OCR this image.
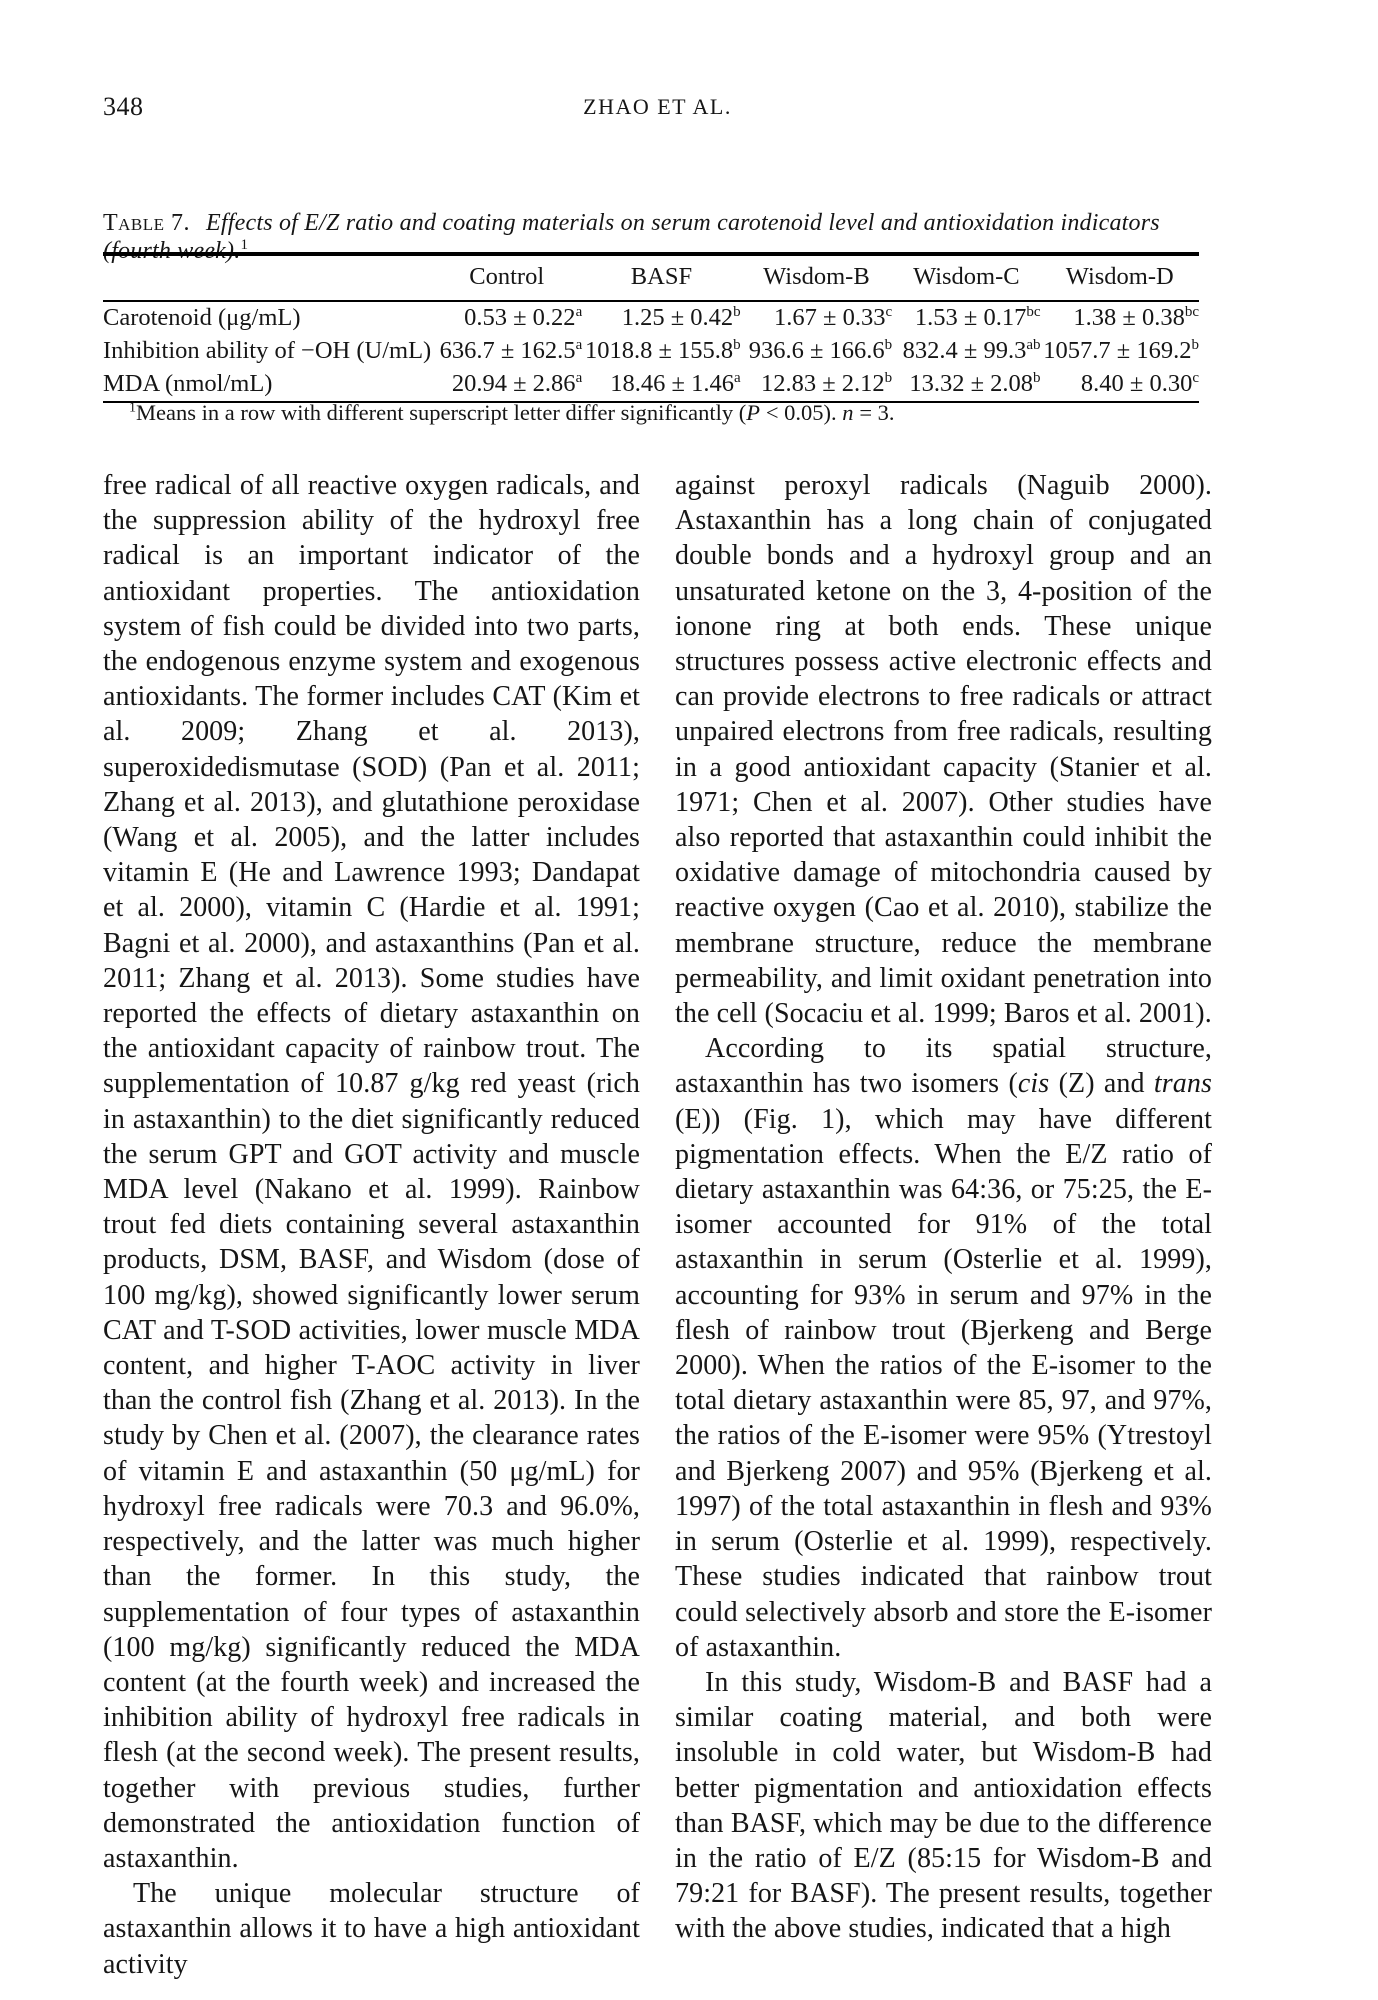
348	ZHAO ET AL.
Table 7. Effects of E/Z ratio and coating materials on serum carotenoid level and antioxidation indicators (fourth week).$^1$
	Control	BASF	Wisdom-B	Wisdom-C	Wisdom-D
Carotenoid (μg/mL)	0.53 ± 0.22$^a$	1.25 ± 0.42$^b$	1.67 ± 0.33$^c$	1.53 ± 0.17$^{bc}$	1.38 ± 0.38$^{bc}$
Inhibition ability of −OH (U/mL)	636.7 ± 162.5$^a$	1018.8 ± 155.8$^b$	936.6 ± 166.6$^b$	832.4 ± 99.3$^{ab}$	1057.7 ± 169.2$^b$
MDA (nmol/mL)	20.94 ± 2.86$^a$	18.46 ± 1.46$^a$	12.83 ± 2.12$^b$	13.32 ± 2.08$^b$	8.40 ± 0.30$^c$
$^1$Means in a row with different superscript letter differ significantly (P < 0.05). n = 3.

free radical of all reactive oxygen radicals, and the suppression ability of the hydroxyl free radical is an important indicator of the antioxidant properties. The antioxidation system of fish could be divided into two parts, the endogenous enzyme system and exogenous antioxidants. The former includes CAT (Kim et al. 2009; Zhang et al. 2013), superoxidedismutase (SOD) (Pan et al. 2011; Zhang et al. 2013), and glutathione peroxidase (Wang et al. 2005), and the latter includes vitamin E (He and Lawrence 1993; Dandapat et al. 2000), vitamin C (Hardie et al. 1991; Bagni et al. 2000), and astaxanthins (Pan et al. 2011; Zhang et al. 2013). Some studies have reported the effects of dietary astaxanthin on the antioxidant capacity of rainbow trout. The supplementation of 10.87 g/kg red yeast (rich in astaxanthin) to the diet significantly reduced the serum GPT and GOT activity and muscle MDA level (Nakano et al. 1999). Rainbow trout fed diets containing several astaxanthin products, DSM, BASF, and Wisdom (dose of 100 mg/kg), showed significantly lower serum CAT and T-SOD activities, lower muscle MDA content, and higher T-AOC activity in liver than the control fish (Zhang et al. 2013). In the study by Chen et al. (2007), the clearance rates of vitamin E and astaxanthin (50 μg/mL) for hydroxyl free radicals were 70.3 and 96.0%, respectively, and the latter was much higher than the former. In this study, the supplementation of four types of astaxanthin (100 mg/kg) significantly reduced the MDA content (at the fourth week) and increased the inhibition ability of hydroxyl free radicals in flesh (at the second week). The present results, together with previous studies, further demonstrated the antioxidation function of astaxanthin.

The unique molecular structure of astaxanthin allows it to have a high antioxidant activity

against peroxyl radicals (Naguib 2000). Astaxanthin has a long chain of conjugated double bonds and a hydroxyl group and an unsaturated ketone on the 3, 4-position of the ionone ring at both ends. These unique structures possess active electronic effects and can provide electrons to free radicals or attract unpaired electrons from free radicals, resulting in a good antioxidant capacity (Stanier et al. 1971; Chen et al. 2007). Other studies have also reported that astaxanthin could inhibit the oxidative damage of mitochondria caused by reactive oxygen (Cao et al. 2010), stabilize the membrane structure, reduce the membrane permeability, and limit oxidant penetration into the cell (Socaciu et al. 1999; Baros et al. 2001).

According to its spatial structure, astaxanthin has two isomers (cis (Z) and trans (E)) (Fig. 1), which may have different pigmentation effects. When the E/Z ratio of dietary astaxanthin was 64:36, or 75:25, the E-isomer accounted for 91% of the total astaxanthin in serum (Osterlie et al. 1999), accounting for 93% in serum and 97% in the flesh of rainbow trout (Bjerkeng and Berge 2000). When the ratios of the E-isomer to the total dietary astaxanthin were 85, 97, and 97%, the ratios of the E-isomer were 95% (Ytrestoyl and Bjerkeng 2007) and 95% (Bjerkeng et al. 1997) of the total astaxanthin in flesh and 93% in serum (Osterlie et al. 1999), respectively. These studies indicated that rainbow trout could selectively absorb and store the E-isomer of astaxanthin.

In this study, Wisdom-B and BASF had a similar coating material, and both were insoluble in cold water, but Wisdom-B had better pigmentation and antioxidation effects than BASF, which may be due to the difference in the ratio of E/Z (85:15 for Wisdom-B and 79:21 for BASF). The present results, together with the above studies, indicated that a high
